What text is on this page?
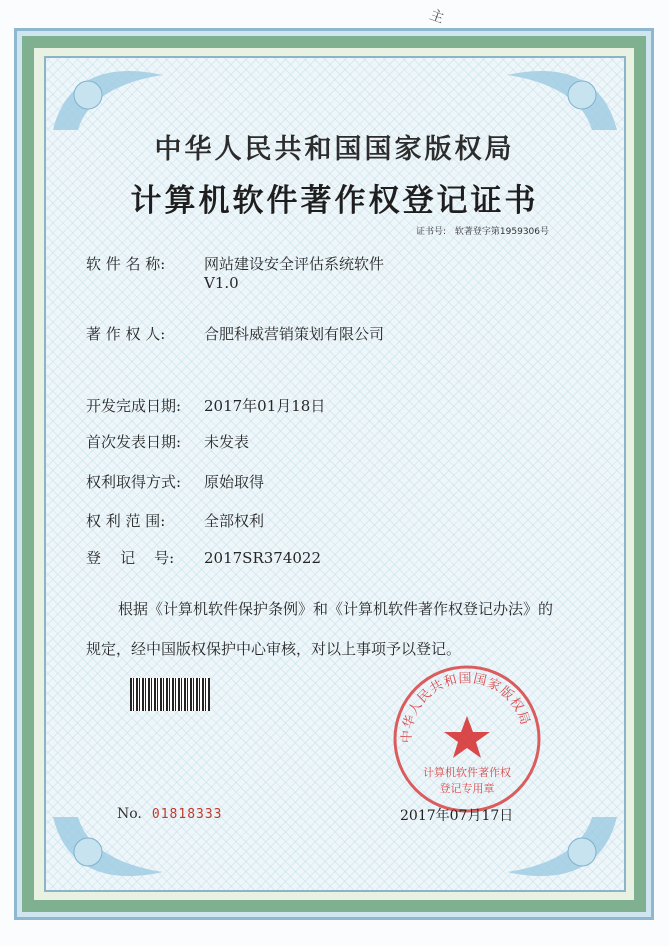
主
中华人民共和国国家版权局
计算机软件著作权登记证书
证书号: 软著登字第1959306号
软 件 名 称:	网站建设安全评估系统软件
V1.0
著 作 权 人:	合肥科威营销策划有限公司
开发完成日期: 2017年01月18日
首次发表日期: 未发表
权利取得方式: 原始取得
权 利 范 围:	全部权利
登    记    号: 2017SR374022
根据《计算机软件保护条例》和《计算机软件著作权登记办法》的
规定，经中国版权保护中心审核，对以上事项予以登记。
No. 01818333
中华人民共和国国家版权局
计算机软件著作权
登记专用章
2017年07月17日
